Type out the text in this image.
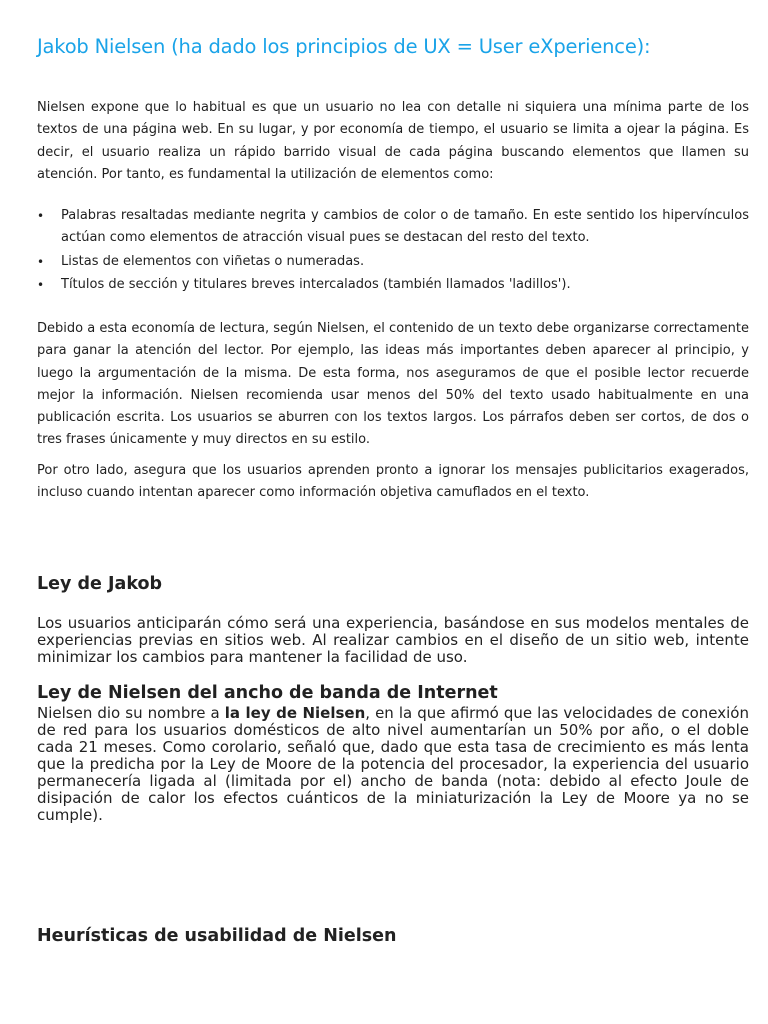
Jakob Nielsen (ha dado los principios de UX = User eXperience):

Nielsen expone que lo habitual es que un usuario no lea con detalle ni siquiera una mínima parte de los textos de una página web. En su lugar, y por economía de tiempo, el usuario se limita a ojear la página. Es decir, el usuario realiza un rápido barrido visual de cada página buscando elementos que llamen su atención. Por tanto, es fundamental la utilización de elementos como:

• Palabras resaltadas mediante negrita y cambios de color o de tamaño. En este sentido los hipervínculos actúan como elementos de atracción visual pues se destacan del resto del texto.
• Listas de elementos con viñetas o numeradas.
• Títulos de sección y titulares breves intercalados (también llamados 'ladillos').

Debido a esta economía de lectura, según Nielsen, el contenido de un texto debe organizarse correctamente para ganar la atención del lector. Por ejemplo, las ideas más importantes deben aparecer al principio, y luego la argumentación de la misma. De esta forma, nos aseguramos de que el posible lector recuerde mejor la información. Nielsen recomienda usar menos del 50% del texto usado habitualmente en una publicación escrita. Los usuarios se aburren con los textos largos. Los párrafos deben ser cortos, de dos o tres frases únicamente y muy directos en su estilo.

Por otro lado, asegura que los usuarios aprenden pronto a ignorar los mensajes publicitarios exagerados, incluso cuando intentan aparecer como información objetiva camuflados en el texto.

Ley de Jakob

Los usuarios anticiparán cómo será una experiencia, basándose en sus modelos mentales de experiencias previas en sitios web. Al realizar cambios en el diseño de un sitio web, intente minimizar los cambios para mantener la facilidad de uso.

Ley de Nielsen del ancho de banda de Internet

Nielsen dio su nombre a la ley de Nielsen, en la que afirmó que las velocidades de conexión de red para los usuarios domésticos de alto nivel aumentarían un 50% por año, o el doble cada 21 meses. Como corolario, señaló que, dado que esta tasa de crecimiento es más lenta que la predicha por la Ley de Moore de la potencia del procesador, la experiencia del usuario permanecería ligada al (limitada por el) ancho de banda (nota: debido al efecto Joule de disipación de calor los efectos cuánticos de la miniaturización la Ley de Moore ya no se cumple).

Heurísticas de usabilidad de Nielsen
